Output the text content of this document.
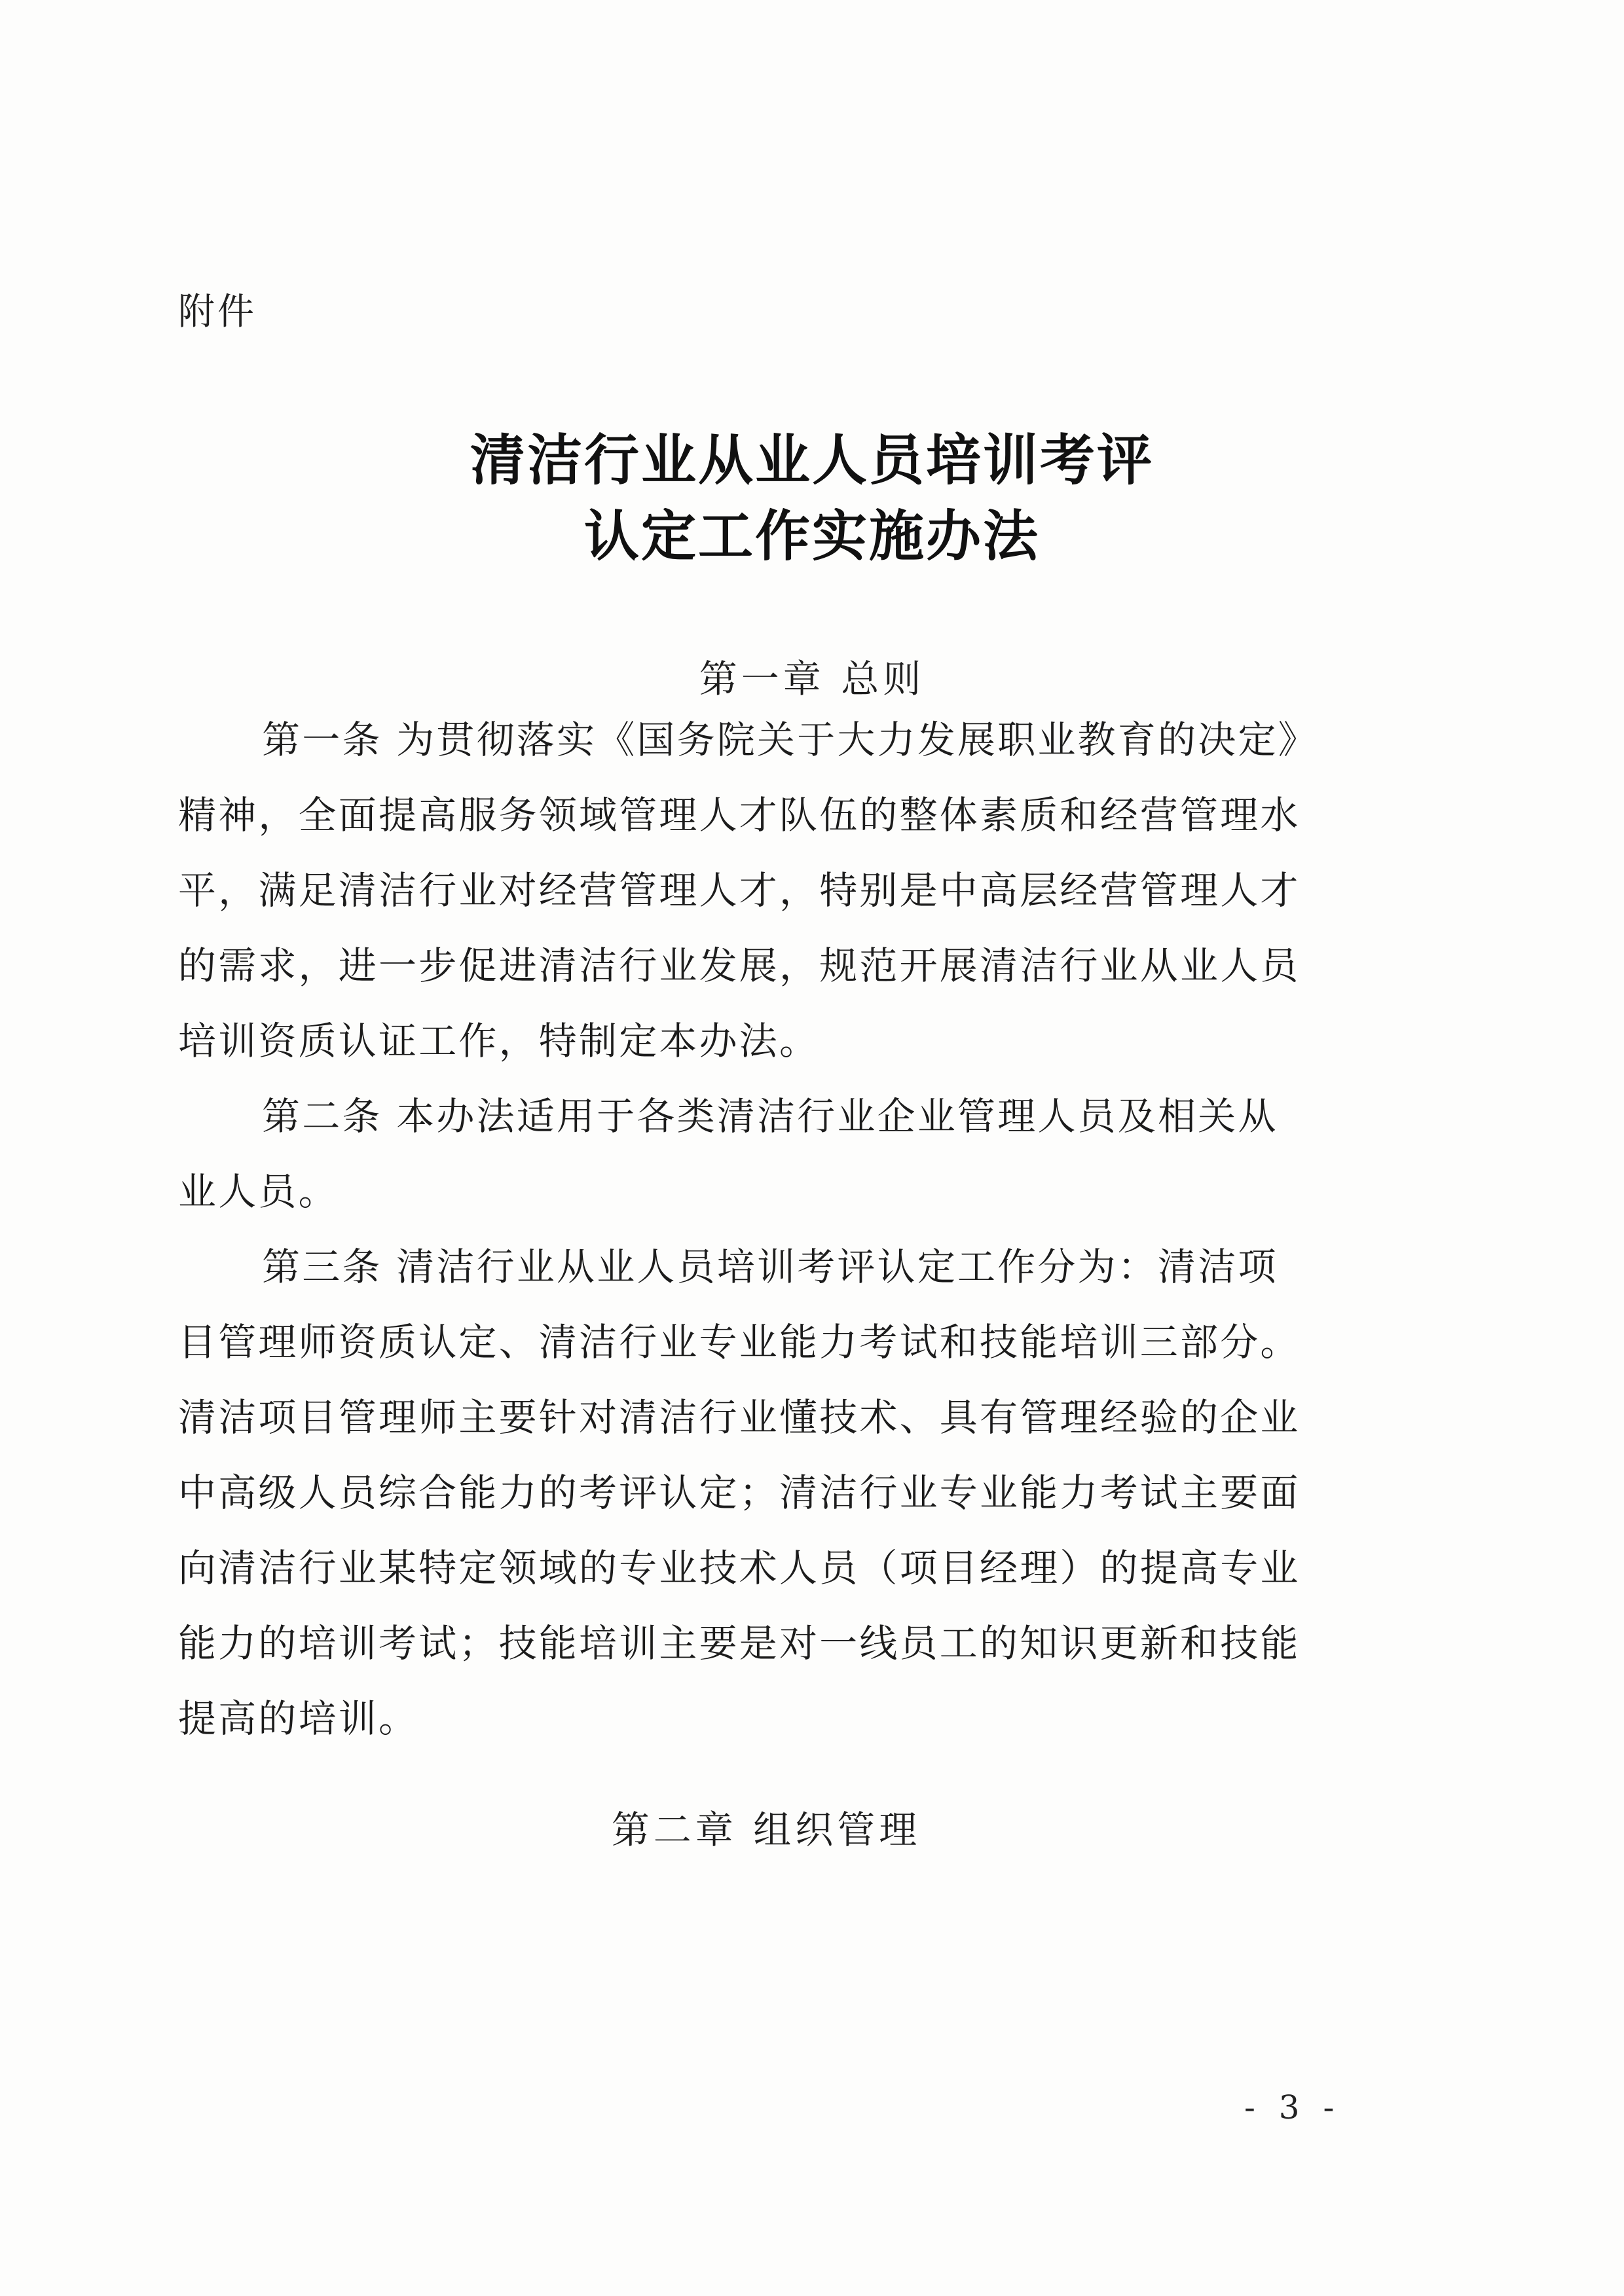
附件
清洁行业从业人员培训考评
认定工作实施办法
第一章 总则
第一条 为贯彻落实《国务院关于大力发展职业教育的决定》
精神，全面提高服务领域管理人才队伍的整体素质和经营管理水
平，满足清洁行业对经营管理人才，特别是中高层经营管理人才
的需求，进一步促进清洁行业发展，规范开展清洁行业从业人员
培训资质认证工作，特制定本办法。
第二条 本办法适用于各类清洁行业企业管理人员及相关从
业人员。
第三条 清洁行业从业人员培训考评认定工作分为：清洁项
目管理师资质认定、清洁行业专业能力考试和技能培训三部分。
清洁项目管理师主要针对清洁行业懂技术、具有管理经验的企业
中高级人员综合能力的考评认定；清洁行业专业能力考试主要面
向清洁行业某特定领域的专业技术人员（项目经理）的提高专业
能力的培训考试；技能培训主要是对一线员工的知识更新和技能
提高的培训。
第二章 组织管理
- 3 -
